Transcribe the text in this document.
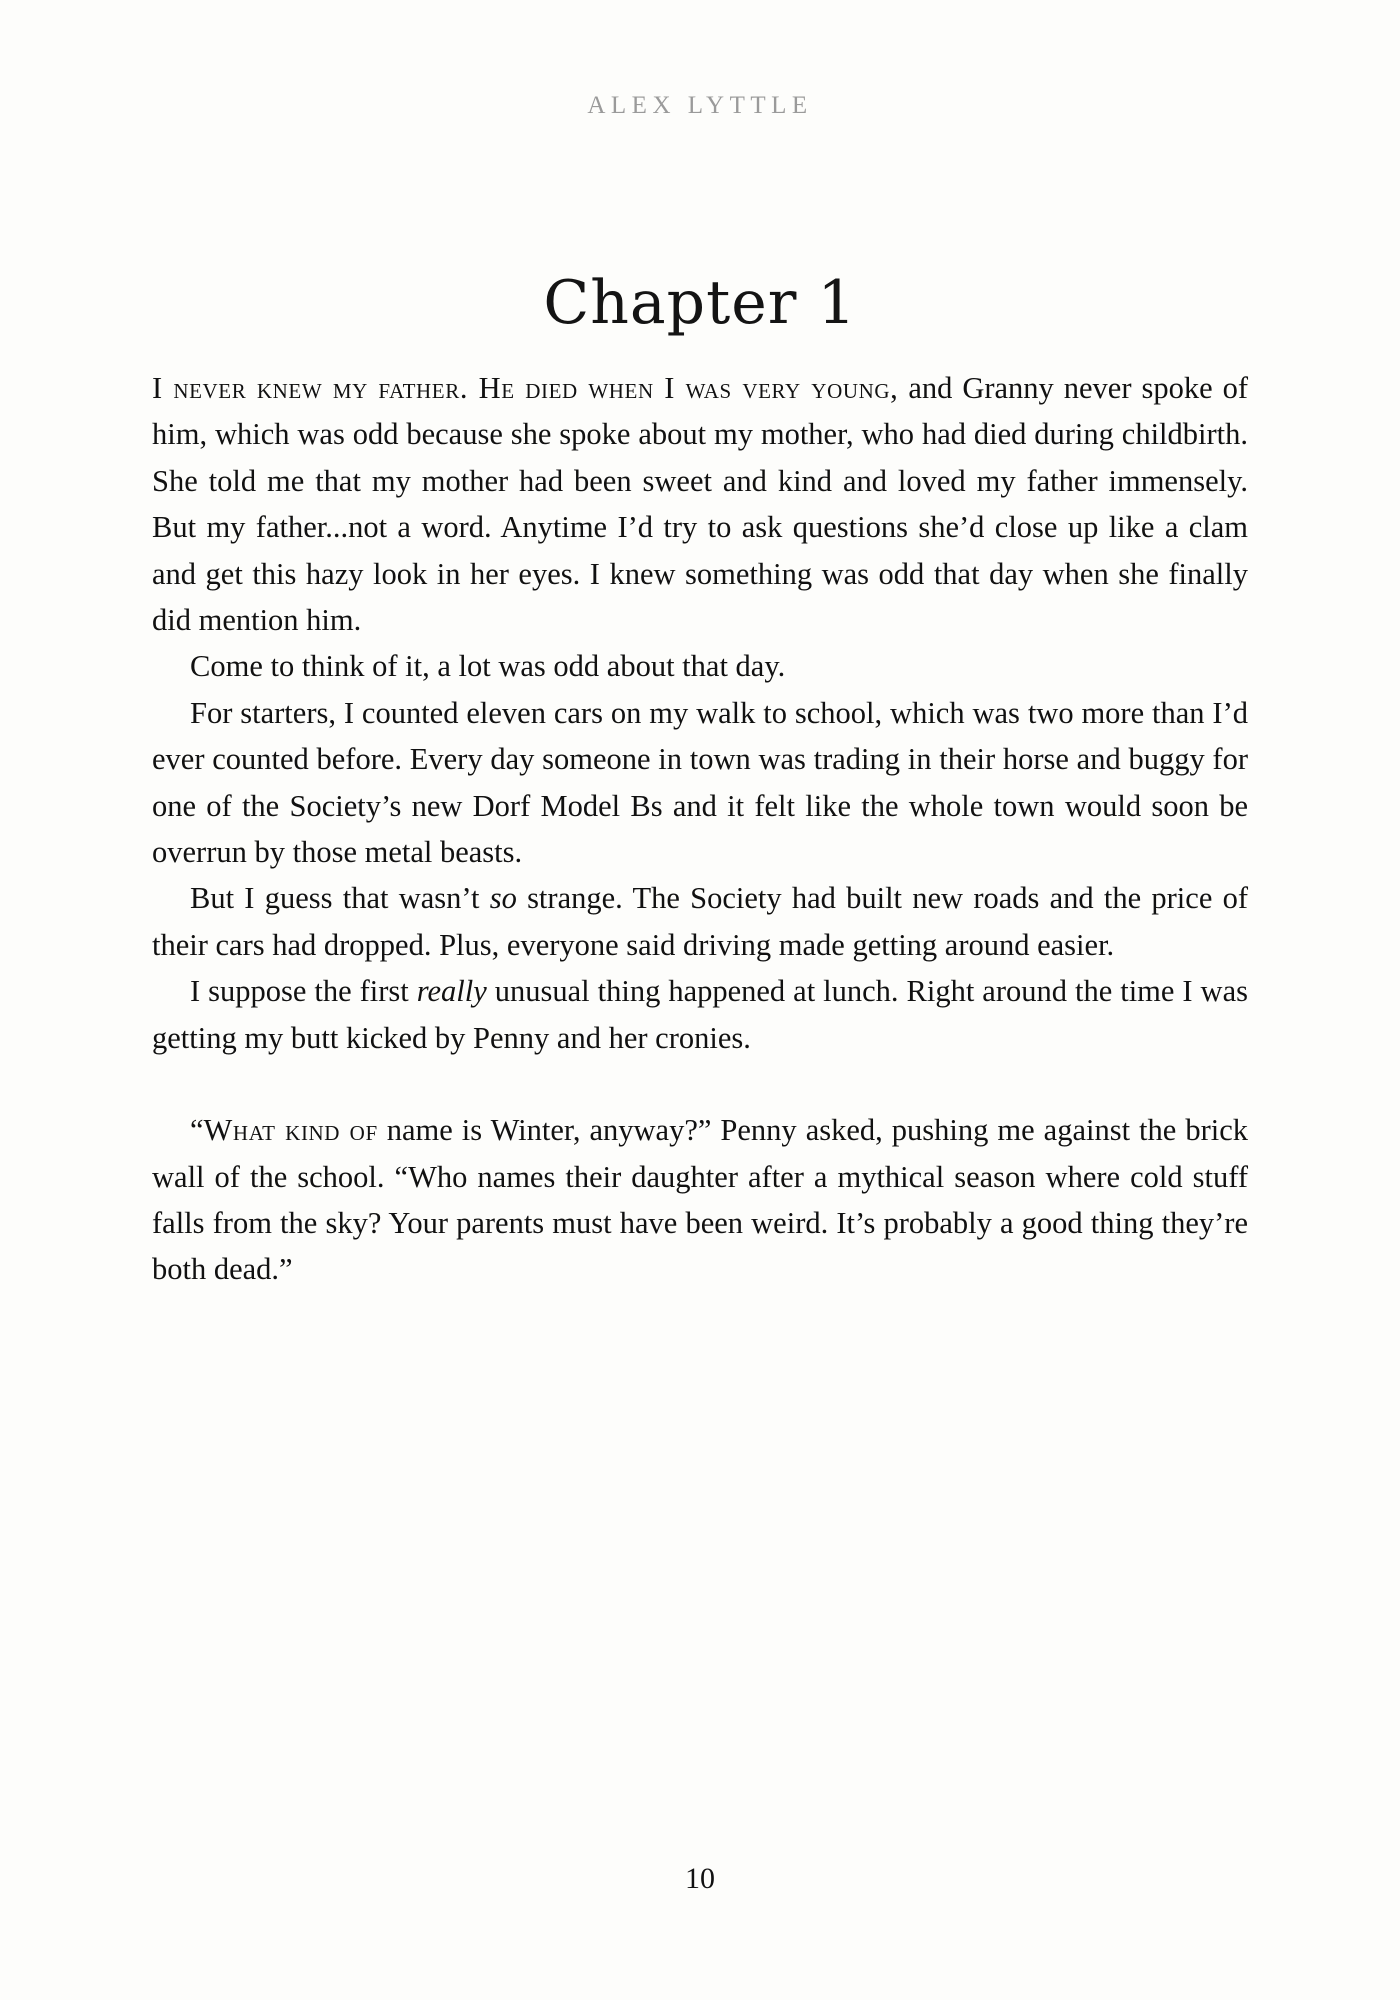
ALEX LYTTLE
Chapter 1

I never knew my father. He died when I was very young, and Granny never spoke of him, which was odd because she spoke about my mother, who had died during childbirth. She told me that my mother had been sweet and kind and loved my father immensely. But my father...not a word. Anytime I’d try to ask questions she’d close up like a clam and get this hazy look in her eyes. I knew something was odd that day when she finally did mention him.

Come to think of it, a lot was odd about that day.

For starters, I counted eleven cars on my walk to school, which was two more than I’d ever counted before. Every day someone in town was trading in their horse and buggy for one of the Society’s new Dorf Model Bs and it felt like the whole town would soon be overrun by those metal beasts.

But I guess that wasn’t so strange. The Society had built new roads and the price of their cars had dropped. Plus, everyone said driving made getting around easier.

I suppose the first really unusual thing happened at lunch. Right around the time I was getting my butt kicked by Penny and her cronies.

“What kind of name is Winter, anyway?” Penny asked, pushing me against the brick wall of the school. “Who names their daughter after a mythical season where cold stuff falls from the sky? Your parents must have been weird. It’s probably a good thing they’re both dead.”

10
